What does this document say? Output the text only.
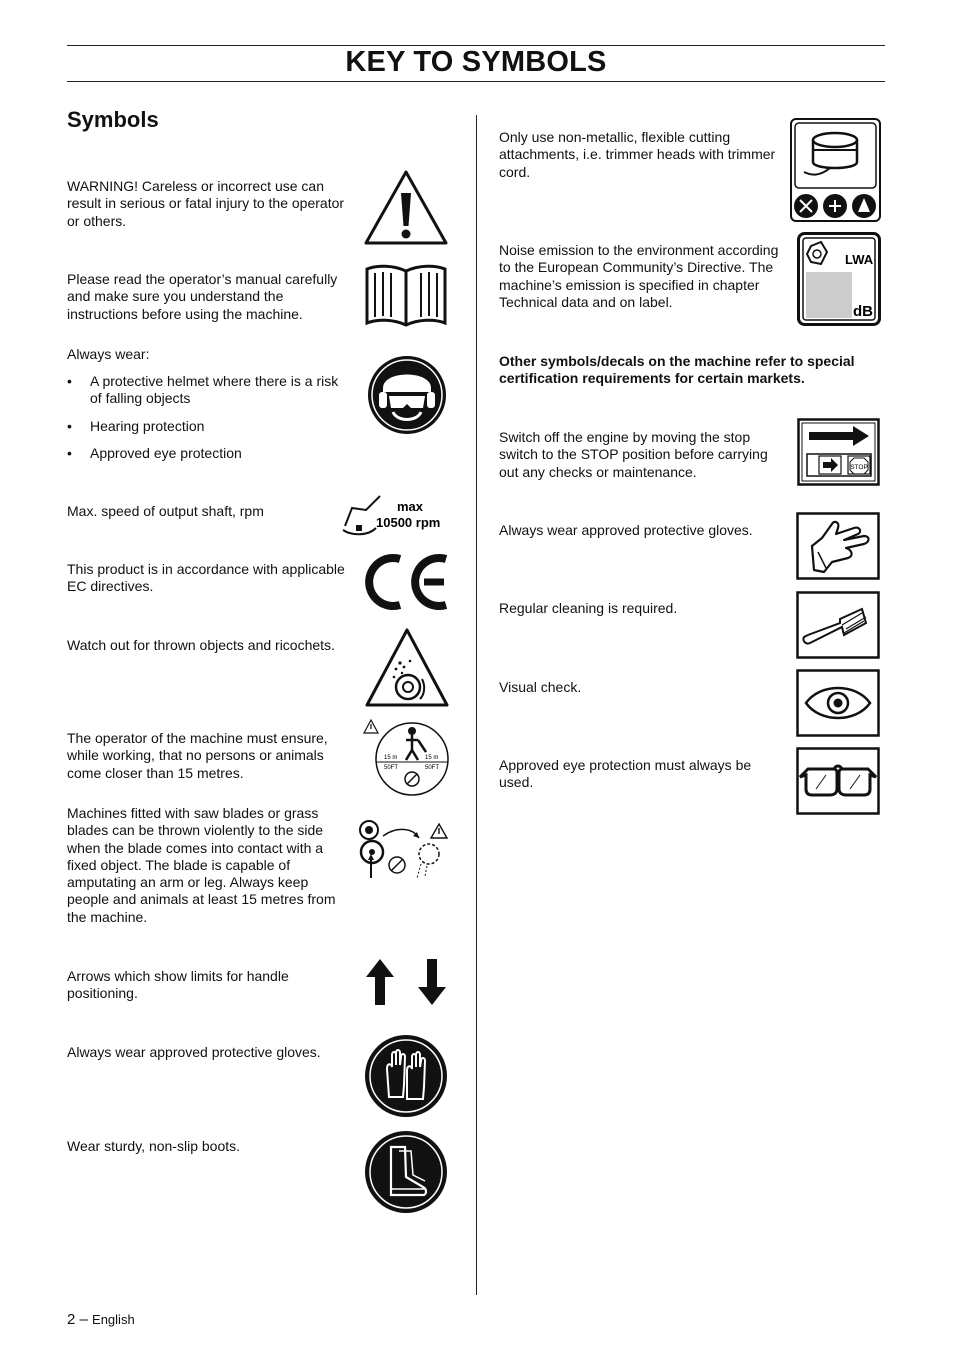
KEY TO SYMBOLS
Symbols
WARNING! Careless or incorrect use can result in serious or fatal injury to the operator or others.
Please read the operator’s manual carefully and make sure you understand the instructions before using the machine.
Always wear:
• A protective helmet where there is a risk of falling objects
• Hearing protection
• Approved eye protection
Max. speed of output shaft, rpm
This product is in accordance with applicable EC directives.
Watch out for thrown objects and ricochets.
The operator of the machine must ensure, while working, that no persons or animals come closer than 15 metres.
Machines fitted with saw blades or grass blades can be thrown violently to the side when the blade comes into contact with a fixed object. The blade is capable of amputating an arm or leg. Always keep people and animals at least 15 metres from the machine.
Arrows which show limits for handle positioning.
Always wear approved protective gloves.
Wear sturdy, non-slip boots.
Only use non-metallic, flexible cutting attachments, i.e. trimmer heads with trimmer cord.
Noise emission to the environment according to the European Community’s Directive. The machine’s emission is specified in chapter Technical data and on label.
Other symbols/decals on the machine refer to special certification requirements for certain markets.
Switch off the engine by moving the stop switch to the STOP position before carrying out any checks or maintenance.
Always wear approved protective gloves.
Regular cleaning is required.
Visual check.
Approved eye protection must always be used.
max
10500 rpm
15 m
50FT
15 m
50FT
LWA
dB
STOP
2 – English
